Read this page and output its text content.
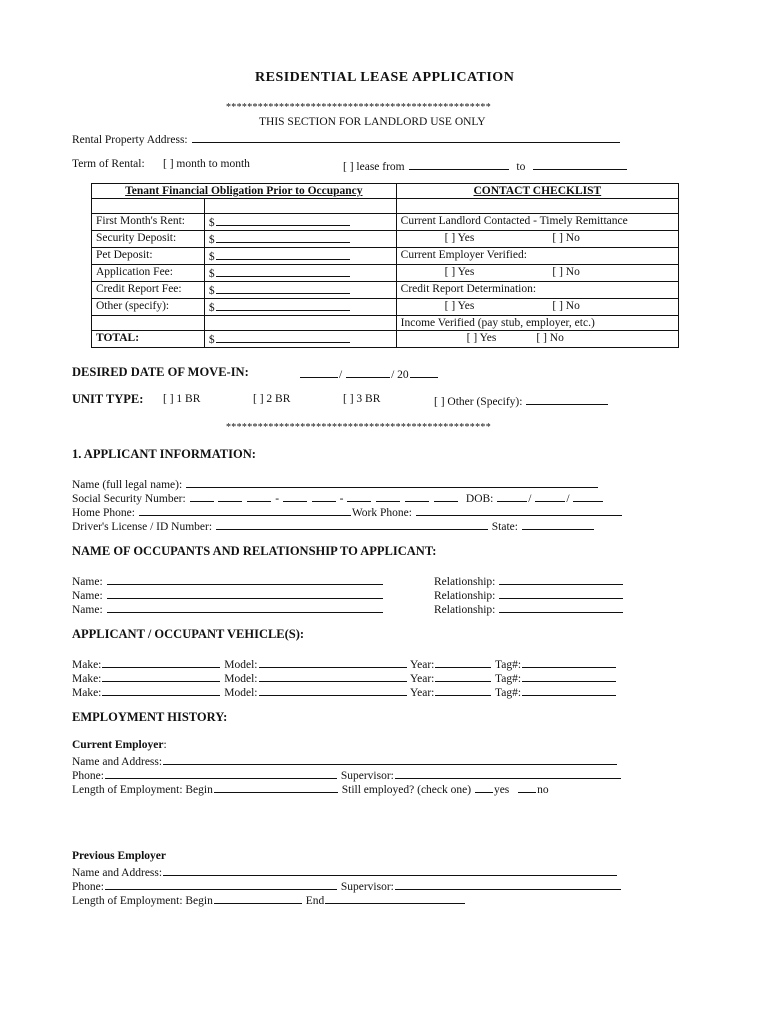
RESIDENTIAL LEASE APPLICATION
**************************************************
THIS SECTION FOR LANDLORD USE ONLY
Rental Property Address:
Term of Rental: [ ] month to month	[ ] lease from	to
Tenant Financial Obligation Prior to Occupancy		CONTACT CHECKLIST

First Month's Rent:	$	Current Landlord Contacted - Timely Remittance
Security Deposit:	$	[ ] Yes [ ] No
Pet Deposit:	$	Current Employer Verified:
Application Fee:	$	[ ] Yes [ ] No
Credit Report Fee:	$	Credit Report Determination:
Other (specify):	$	[ ] Yes [ ] No
		Income Verified (pay stub, employer, etc.)
TOTAL:	$	[ ] Yes [ ] No
DESIRED DATE OF MOVE-IN:	/	/ 20
UNIT TYPE: [ ] 1 BR	[ ] 2 BR	[ ] 3 BR	[ ] Other (Specify):
**************************************************
1. APPLICANT INFORMATION:
Name (full legal name):
Social Security Number:	-	-	DOB:	/	/
Home Phone:	Work Phone:
Driver's License / ID Number:	State:
NAME OF OCCUPANTS AND RELATIONSHIP TO APPLICANT:
Name:	Relationship:
Name:	Relationship:
Name:	Relationship:
APPLICANT / OCCUPANT VEHICLE(S):
Make:	Model:	Year:	Tag#:
Make:	Model:	Year:	Tag#:
Make:	Model:	Year:	Tag#:
EMPLOYMENT HISTORY:
Current Employer:
Name and Address:
Phone:	Supervisor:
Length of Employment: Begin	Still employed? (check one) yes no
Previous Employer
Name and Address:
Phone:	Supervisor:
Length of Employment: Begin	End
